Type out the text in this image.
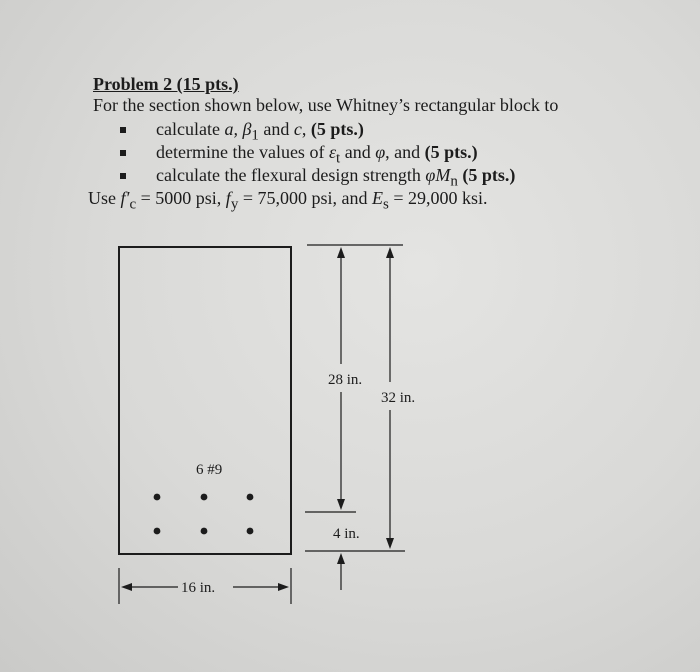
Problem 2 (15 pts.)
For the section shown below, use Whitney’s rectangular block to
calculate a, $\beta_1$ and c, (5 pts.)
determine the values of $\varepsilon_t$ and φ, and (5 pts.)
calculate the flexural design strength $\varphi M_n$ (5 pts.)
Use $f'_c = 5000$ psi, $f_y = 75,000$ psi, and $E_s = 29,000$ ksi.
6 #9
28 in.
32 in.
4 in.
16 in.
